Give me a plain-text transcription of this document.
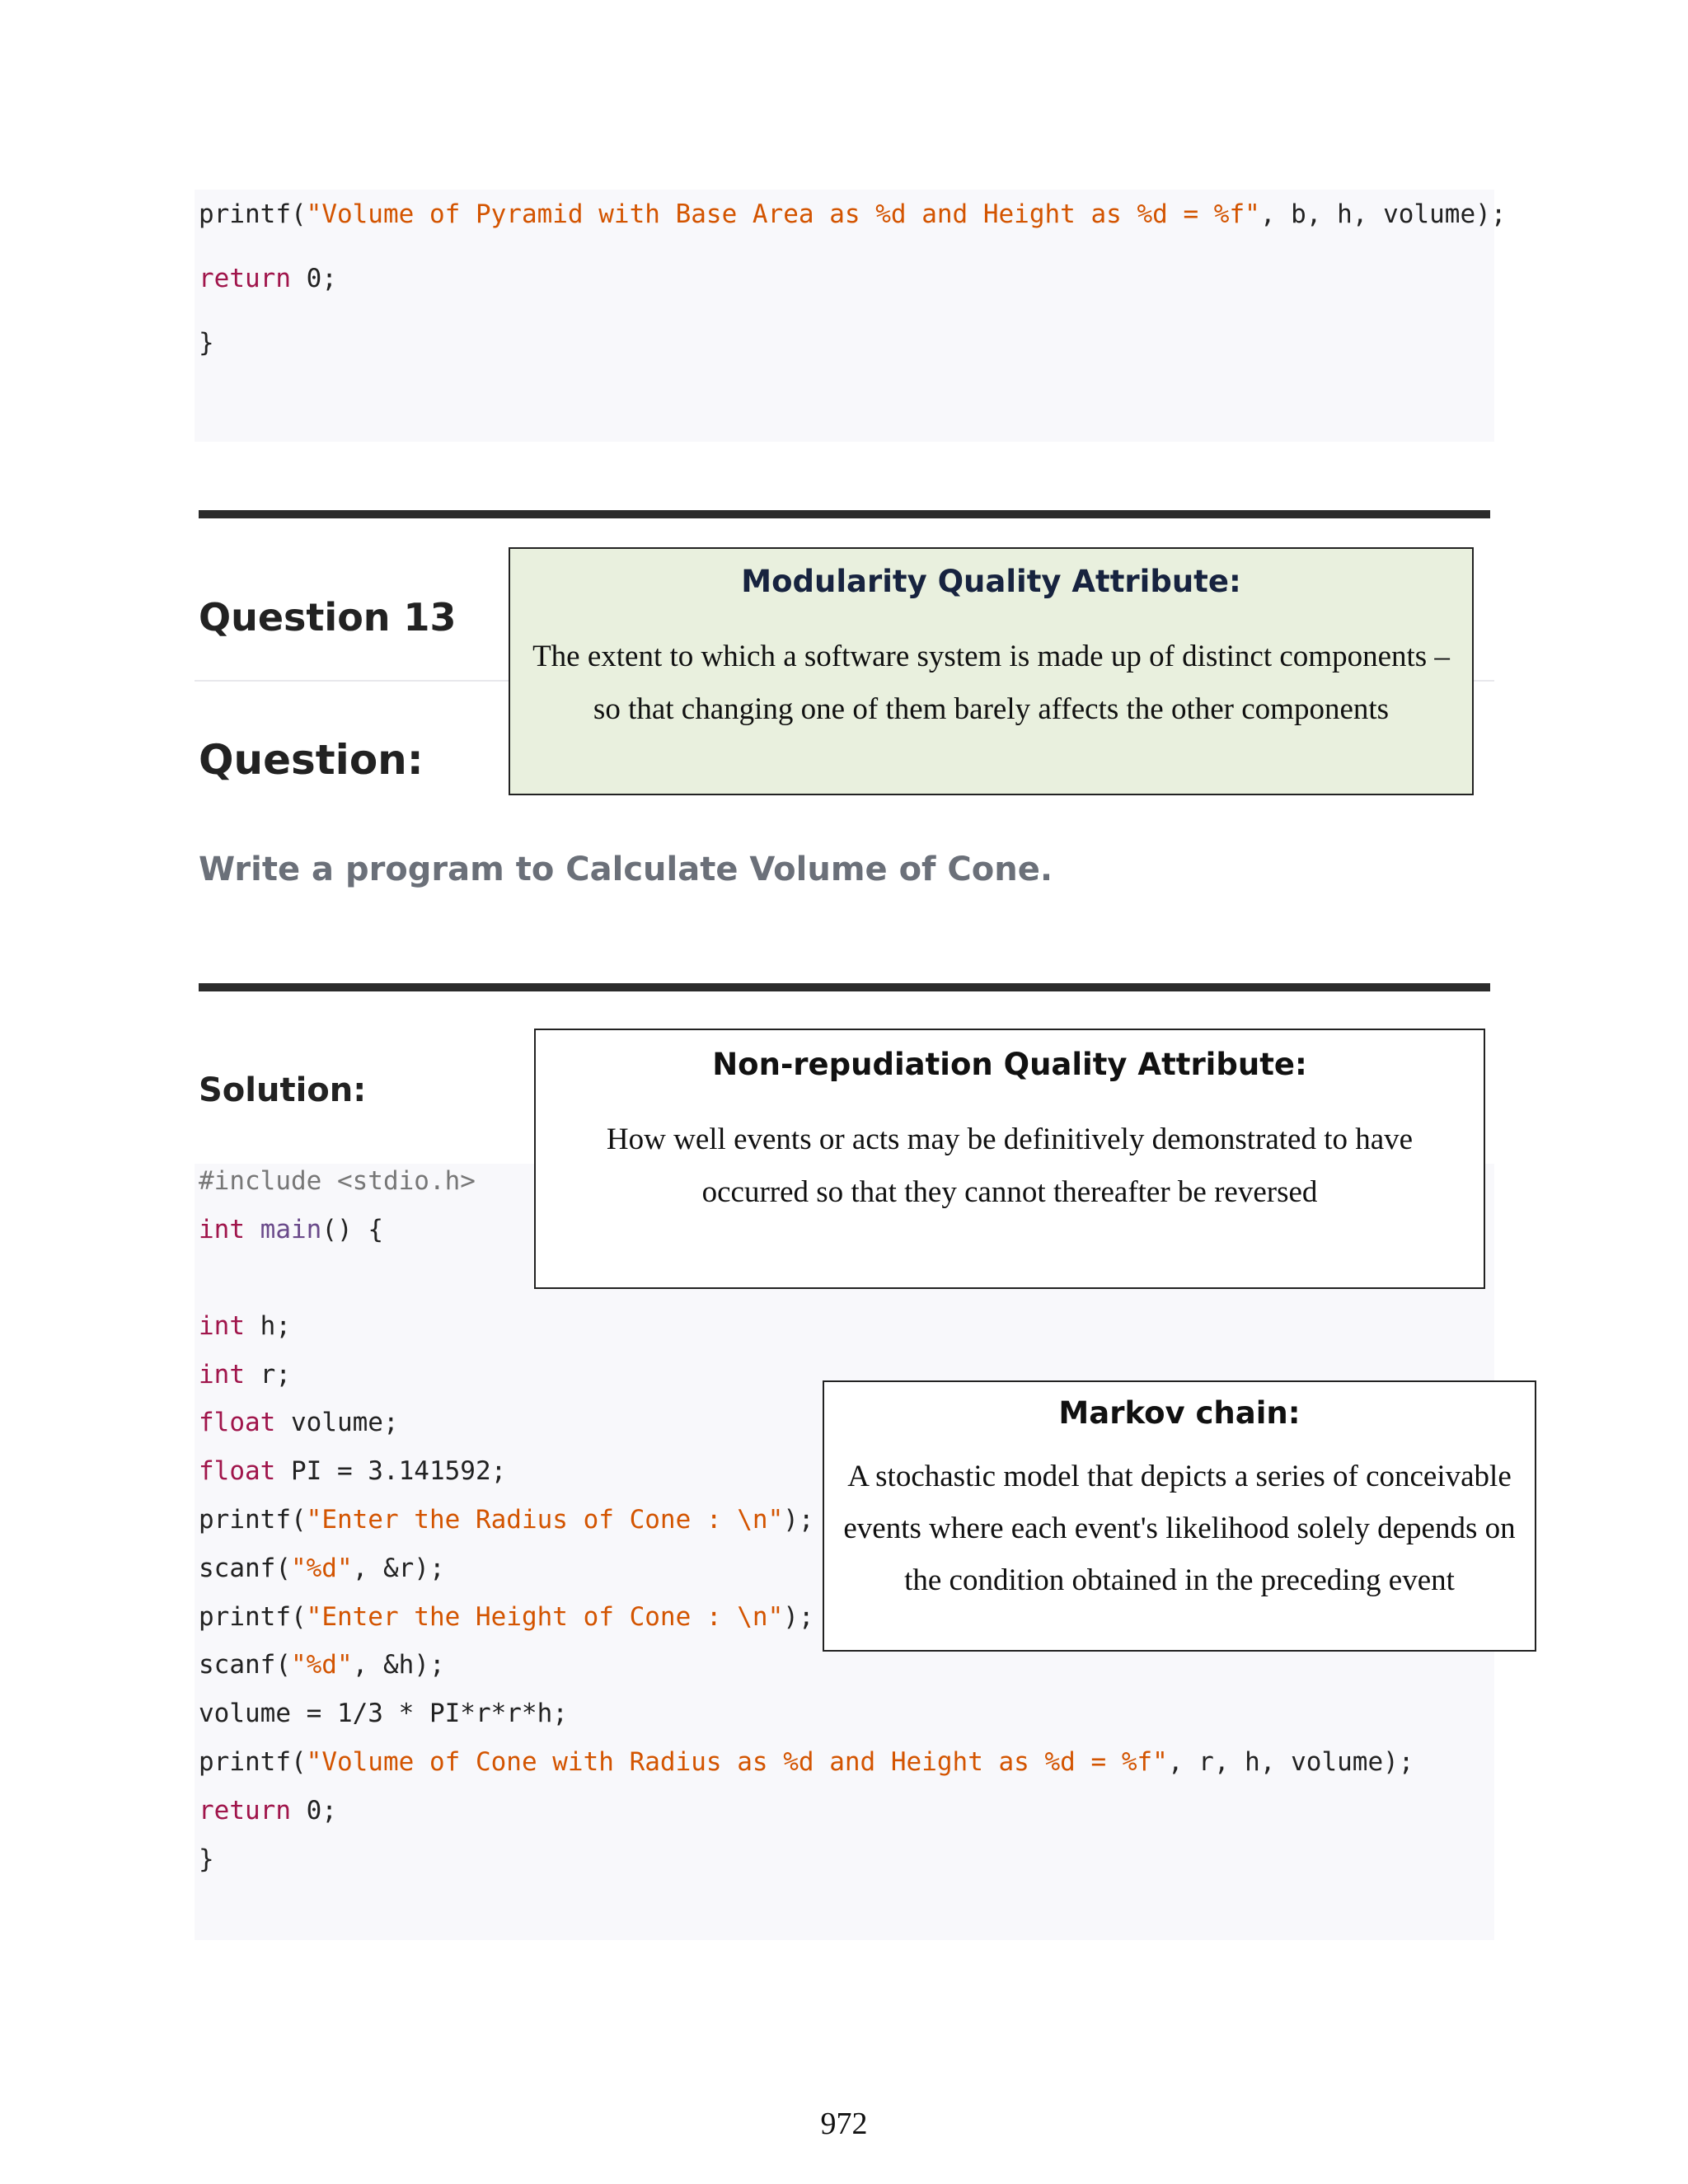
printf("Volume of Pyramid with Base Area as %d and Height as %d = %f", b, h, volume);
return 0;
}
Question 13
Question:
Write a program to Calculate Volume of Cone.
Modularity Quality Attribute:
The extent to which a software system is made up of distinct components –
so that changing one of them barely affects the other components
Solution:
#include <stdio.h>
int main() {
int h;
int r;
float volume;
float PI = 3.141592;
printf("Enter the Radius of Cone : \n");
scanf("%d", &r);
printf("Enter the Height of Cone : \n");
scanf("%d", &h);
volume = 1/3 * PI*r*r*h;
printf("Volume of Cone with Radius as %d and Height as %d = %f", r, h, volume);
return 0;
}
Non-repudiation Quality Attribute:
How well events or acts may be definitively demonstrated to have
occurred so that they cannot thereafter be reversed
Markov chain:
A stochastic model that depicts a series of conceivable
events where each event's likelihood solely depends on
the condition obtained in the preceding event
972
